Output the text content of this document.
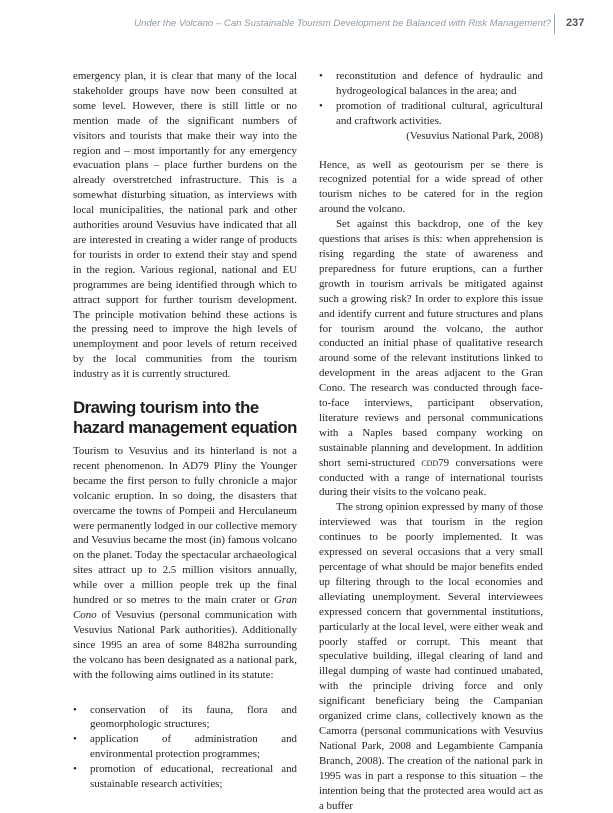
Under the Volcano – Can Sustainable Tourism Development be Balanced with Risk Management? 237

emergency plan, it is clear that many of the local stakeholder groups have now been consulted at some level. However, there is still little or no mention made of the significant numbers of visitors and tourists that make their way into the region and – most importantly for any emergency evacuation plans – place further burdens on the already overstretched infrastructure. This is a somewhat disturbing situation, as interviews with local municipalities, the national park and other authorities around Vesuvius have indicated that all are interested in creating a wider range of products for tourists in order to extend their stay and spend in the region. Various regional, national and EU programmes are being identified through which to attract support for further tourism development. The principle motivation behind these actions is the pressing need to improve the high levels of unemployment and poor levels of return received by the local communities from the tourism industry as it is currently structured.

Drawing tourism into the hazard management equation

Tourism to Vesuvius and its hinterland is not a recent phenomenon. In AD79 Pliny the Younger became the first person to fully chronicle a major volcanic eruption. In so doing, the disasters that overcame the towns of Pompeii and Herculaneum were permanently lodged in our collective memory and Vesuvius became the most (in) famous volcano on the planet. Today the spectacular archaeological sites attract up to 2.5 million visitors annually, while over a million people trek up the final hundred or so metres to the main crater or Gran Cono of Vesuvius (personal communication with Vesuvius National Park authorities). Additionally since 1995 an area of some 8482ha surrounding the volcano has been designated as a national park, with the following aims outlined in its statute:

• conservation of its fauna, flora and geomorphologic structures;
• application of administration and environmental protection programmes;
• promotion of educational, recreational and sustainable research activities;
• reconstitution and defence of hydraulic and hydrogeological balances in the area; and
• promotion of traditional cultural, agricultural and craftwork activities.

(Vesuvius National Park, 2008)

Hence, as well as geotourism per se there is recognized potential for a wide spread of other tourism niches to be catered for in the region around the volcano.

Set against this backdrop, one of the key questions that arises is this: when apprehension is rising regarding the state of awareness and preparedness for future eruptions, can a further growth in tourism arrivals be mitigated against such a growing risk? In order to explore this issue and identify current and future structures and plans for tourism around the volcano, the author conducted an initial phase of qualitative research around some of the relevant institutions linked to development in the areas adjacent to the Gran Cono. The research was conducted through face-to-face interviews, participant observation, literature reviews and personal communications with a Naples based company working on sustainable planning and development. In addition short semi-structured cdd79 conversations were conducted with a range of international tourists during their visits to the volcano peak.

The strong opinion expressed by many of those interviewed was that tourism in the region continues to be poorly implemented. It was expressed on several occasions that a very small percentage of what should be major benefits ended up filtering through to the local economies and alleviating unemployment. Several interviewees expressed concern that governmental institutions, particularly at the local level, were either weak and poorly staffed or corrupt. This meant that speculative building, illegal clearing of land and illegal dumping of waste had continued unabated, with the principle driving force and only significant beneficiary being the Campanian organized crime clans, collectively known as the Camorra (personal communications with Vesuvius National Park, 2008 and Legambiente Campania Branch, 2008). The creation of the national park in 1995 was in part a response to this situation – the intention being that the protected area would act as a buffer
